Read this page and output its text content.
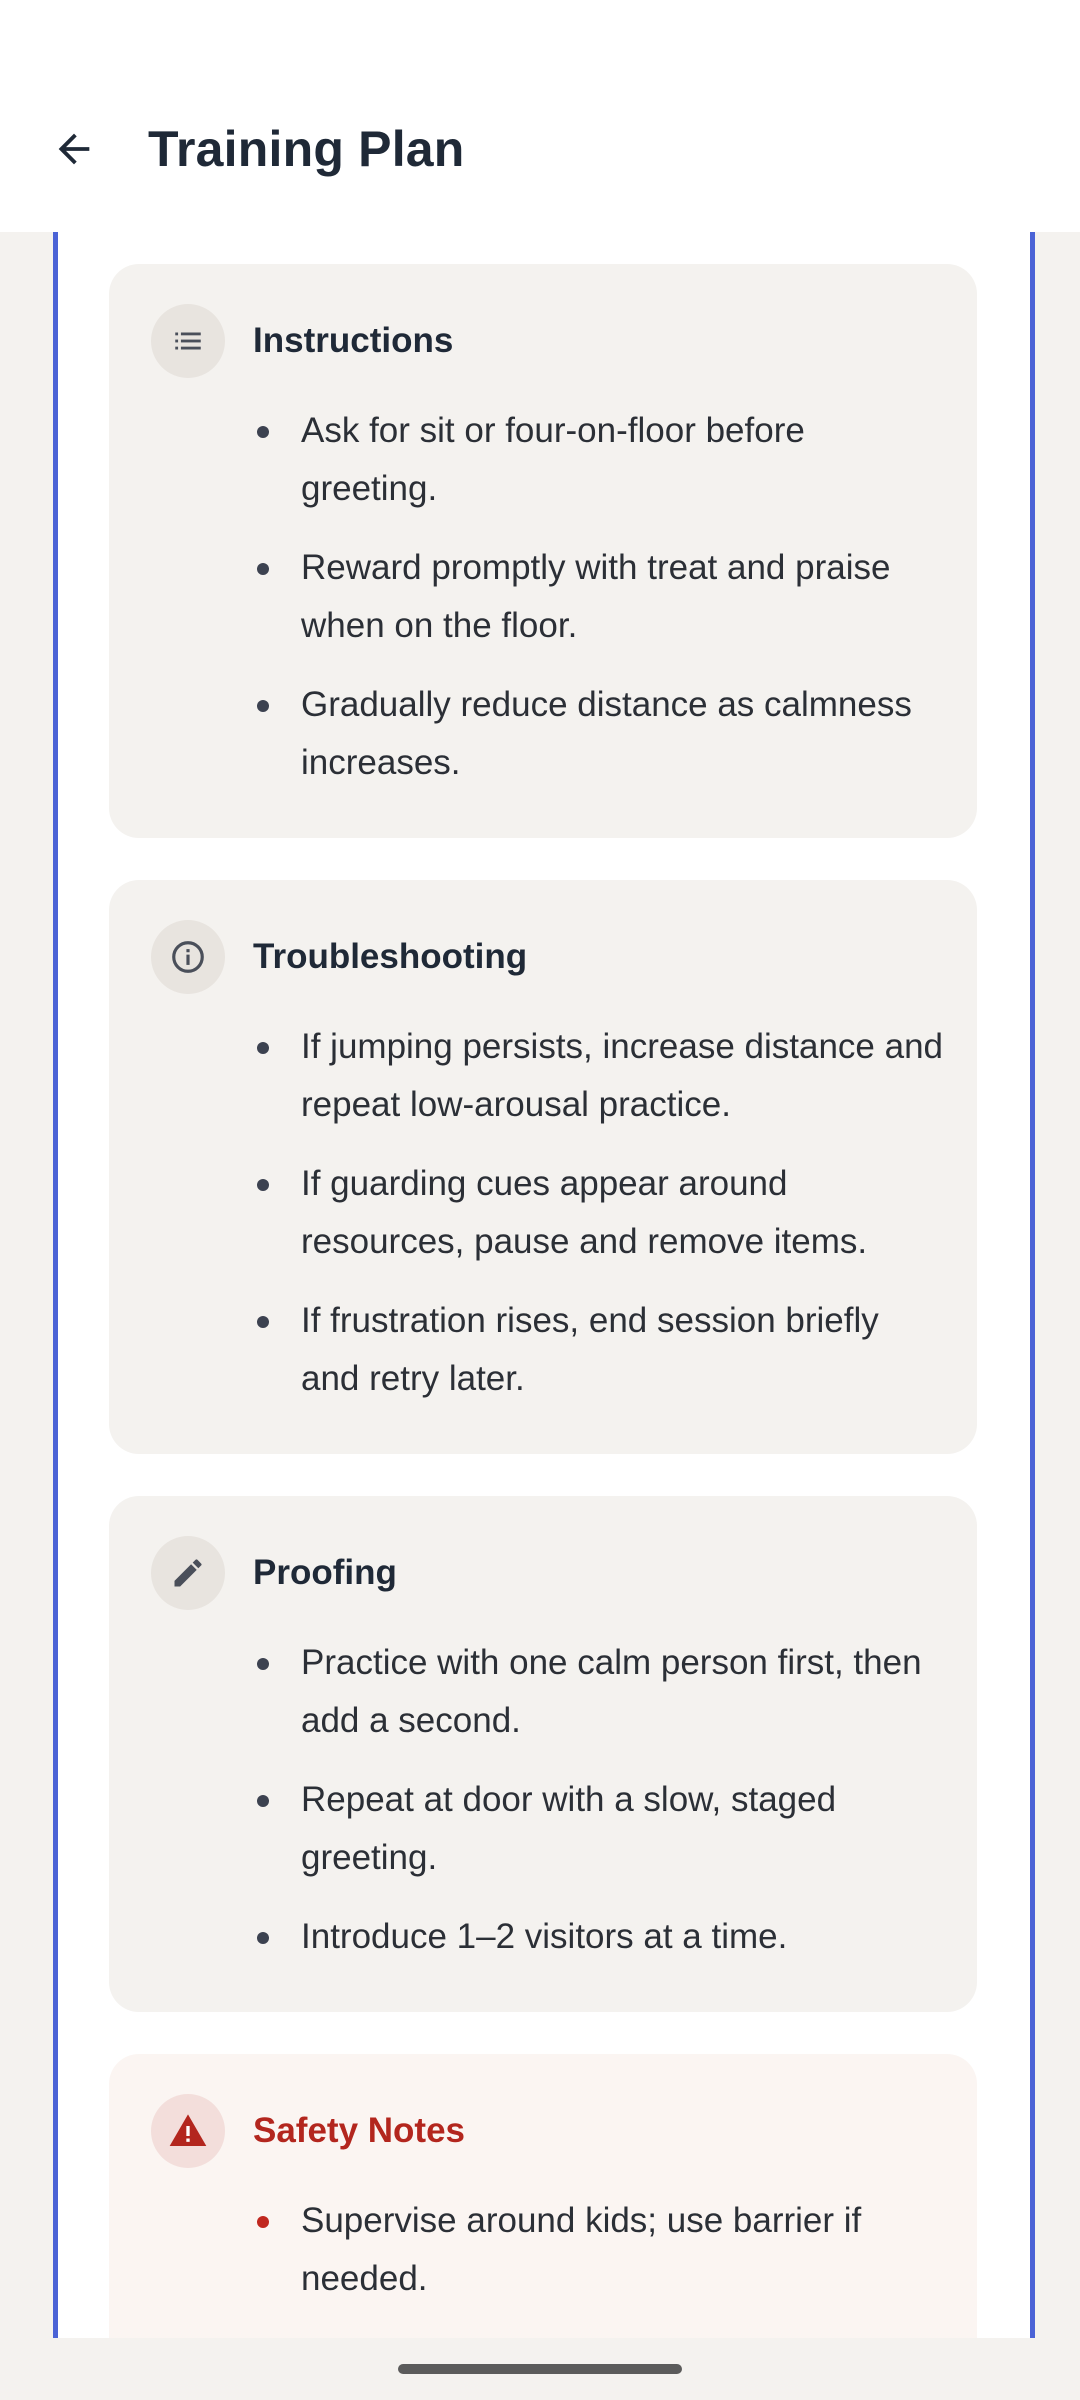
Training Plan
Instructions
Ask for sit or four-on-floor before greeting.
Reward promptly with treat and praise when on the floor.
Gradually reduce distance as calmness increases.
Troubleshooting
If jumping persists, increase distance and repeat low-arousal practice.
If guarding cues appear around resources, pause and remove items.
If frustration rises, end session briefly and retry later.
Proofing
Practice with one calm person first, then add a second.
Repeat at door with a slow, staged greeting.
Introduce 1–2 visitors at a time.
Safety Notes
Supervise around kids; use barrier if needed.
